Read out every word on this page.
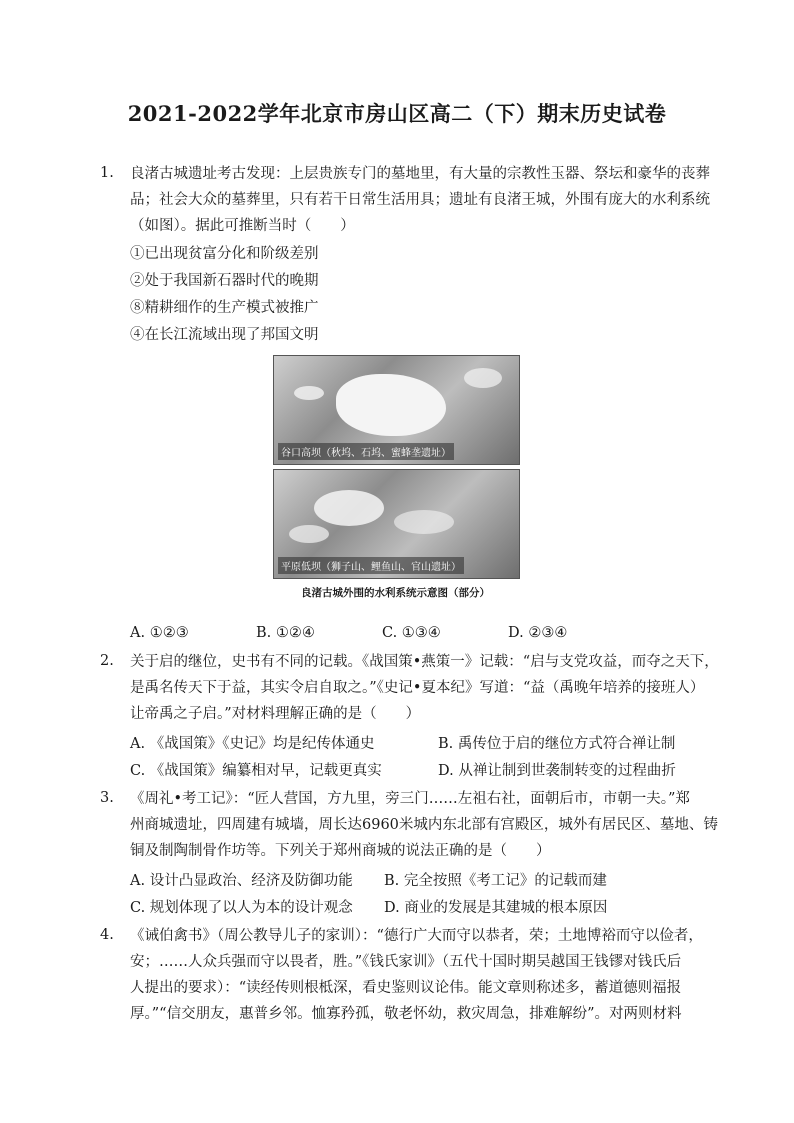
2021-2022学年北京市房山区高二（下）期末历史试卷
1.	良渚古城遗址考古发现：上层贵族专门的墓地里，有大量的宗教性玉器、祭坛和豪华的丧葬
品；社会大众的墓葬里，只有若干日常生活用具；遗址有良渚王城，外围有庞大的水利系统
（如图）。据此可推断当时（　　）
①已出现贫富分化和阶级差别
②处于我国新石器时代的晚期
⑧精耕细作的生产模式被推广
④在长江流域出现了邦国文明
谷口高坝（秋坞、石坞、蜜蜂垄遗址）
平原低坝（狮子山、鲤鱼山、官山遗址）
良渚古城外围的水利系统示意图（部分）
A. ①②③	B. ①②④	C. ①③④	D. ②③④
2.	关于启的继位，史书有不同的记载。《战国策•燕策一》记载：“启与支党攻益，而夺之天下，
是禹名传天下于益，其实令启自取之。”《史记•夏本纪》写道：“益（禹晚年培养的接班人）
让帝禹之子启。”对材料理解正确的是（　　）
A. 《战国策》《史记》均是纪传体通史	B. 禹传位于启的继位方式符合禅让制
C. 《战国策》编纂相对早，记载更真实	D. 从禅让制到世袭制转变的过程曲折
3.	《周礼•考工记》：“匠人营国，方九里，旁三门……左祖右社，面朝后市，市朝一夫。”郑
州商城遗址，四周建有城墙，周长达6960米城内东北部有宫殿区，城外有居民区、墓地、铸
铜及制陶制骨作坊等。下列关于郑州商城的说法正确的是（　　）
A. 设计凸显政治、经济及防御功能 B. 完全按照《考工记》的记载而建
C. 规划体现了以人为本的设计观念 D. 商业的发展是其建城的根本原因
4.	《诫伯禽书》（周公教导儿子的家训）：“德行广大而守以恭者，荣；土地博裕而守以俭者，
安；……人众兵强而守以畏者，胜。”《钱氏家训》（五代十国时期吴越国王钱镠对钱氏后
人提出的要求）：“读经传则根柢深，看史鉴则议论伟。能文章则称述多，蓄道德则福报
厚。”“信交朋友，惠普乡邻。恤寡矜孤，敬老怀幼，救灾周急，排难解纷”。对两则材料
